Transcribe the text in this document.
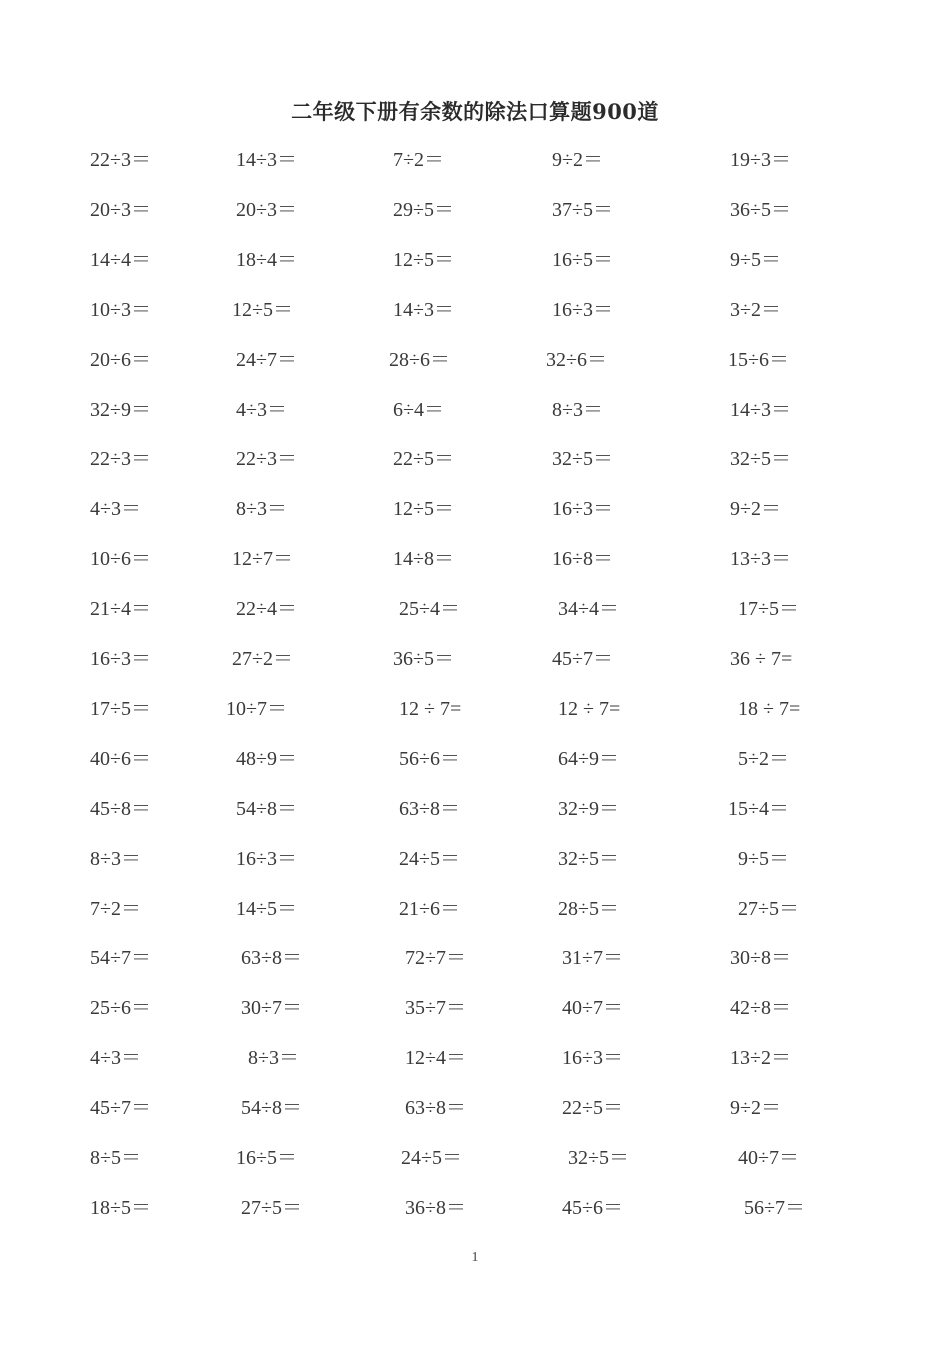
二年级下册有余数的除法口算题900道
22÷3＝	14÷3＝	7÷2＝	9÷2＝	19÷3＝
20÷3＝	20÷3＝	29÷5＝	37÷5＝	36÷5＝
14÷4＝	18÷4＝	12÷5＝	16÷5＝	9÷5＝
10÷3＝	12÷5＝	14÷3＝	16÷3＝	3÷2＝
20÷6＝	24÷7＝	28÷6＝	32÷6＝	15÷6＝
32÷9＝	4÷3＝	6÷4＝	8÷3＝	14÷3＝
22÷3＝	22÷3＝	22÷5＝	32÷5＝	32÷5＝
4÷3＝	8÷3＝	12÷5＝	16÷3＝	9÷2＝
10÷6＝	12÷7＝	14÷8＝	16÷8＝	13÷3＝
21÷4＝	22÷4＝	25÷4＝	34÷4＝	17÷5＝
16÷3＝	27÷2＝	36÷5＝	45÷7＝	36 ÷ 7=
17÷5＝	10÷7＝	12 ÷ 7=	12 ÷ 7=	18 ÷ 7=
40÷6＝	48÷9＝	56÷6＝	64÷9＝	5÷2＝
45÷8＝	54÷8＝	63÷8＝	32÷9＝	15÷4＝
8÷3＝	16÷3＝	24÷5＝	32÷5＝	9÷5＝
7÷2＝	14÷5＝	21÷6＝	28÷5＝	27÷5＝
54÷7＝	63÷8＝	72÷7＝	31÷7＝	30÷8＝
25÷6＝	30÷7＝	35÷7＝	40÷7＝	42÷8＝
4÷3＝	8÷3＝	12÷4＝	16÷3＝	13÷2＝
45÷7＝	54÷8＝	63÷8＝	22÷5＝	9÷2＝
8÷5＝	16÷5＝	24÷5＝	32÷5＝	40÷7＝
18÷5＝	27÷5＝	36÷8＝	45÷6＝	56÷7＝
1
